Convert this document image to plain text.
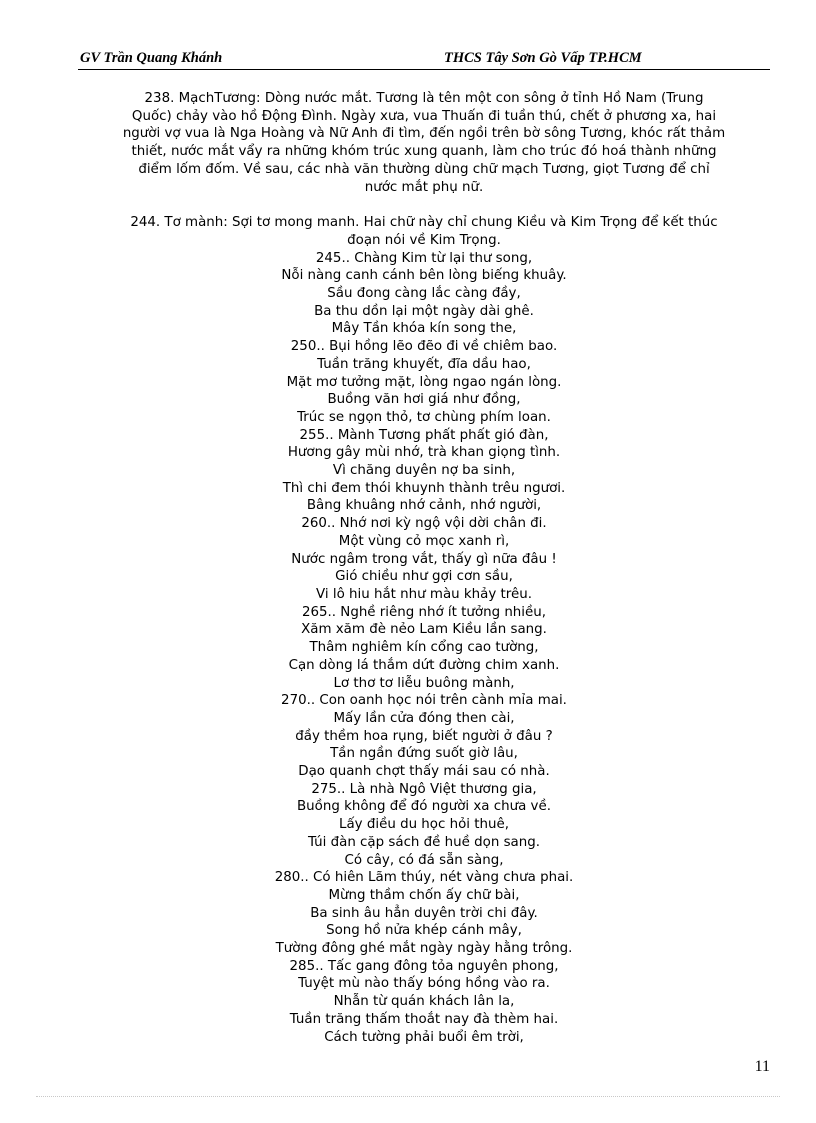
GV Trần Quang Khánh	THCS Tây Sơn Gò Vấp TP.HCM
238. MạchTương: Dòng nước mắt. Tương là tên một con sông ở tỉnh Hồ Nam (Trung
Quốc) chảy vào hồ Động Đình. Ngày xưa, vua Thuấn đi tuần thú, chết ở phương xa, hai
người vợ vua là Nga Hoàng và Nữ Anh đi tìm, đến ngồi trên bờ sông Tương, khóc rất thảm
thiết, nước mắt vẩy ra những khóm trúc xung quanh, làm cho trúc đó hoá thành những
điểm lốm đốm. Về sau, các nhà văn thường dùng chữ mạch Tương, giọt Tương để chỉ
nước mắt phụ nữ.
244. Tơ mành: Sợi tơ mong manh. Hai chữ này chỉ chung Kiều và Kim Trọng để kết thúc
đoạn nói về Kim Trọng.
245.. Chàng Kim từ lại thư song,
Nỗi nàng canh cánh bên lòng biếng khuây.
Sầu đong càng lắc càng đầy,
Ba thu dồn lại một ngày dài ghê.
Mây Tần khóa kín song the,
250.. Bụi hồng lẽo đẽo đi về chiêm bao.
Tuần trăng khuyết, đĩa dầu hao,
Mặt mơ tưởng mặt, lòng ngao ngán lòng.
Buồng văn hơi giá như đồng,
Trúc se ngọn thỏ, tơ chùng phím loan.
255.. Mành Tương phất phất gió đàn,
Hương gây mùi nhớ, trà khan giọng tình.
Vì chăng duyên nợ ba sinh,
Thì chi đem thói khuynh thành trêu ngươi.
Bâng khuâng nhớ cảnh, nhớ người,
260.. Nhớ nơi kỳ ngộ vội dời chân đi.
Một vùng cỏ mọc xanh rì,
Nước ngâm trong vắt, thấy gì nữa đâu !
Gió chiều như gợi cơn sầu,
Vi lô hiu hắt như màu khảy trêu.
265.. Nghề riêng nhớ ít tưởng nhiều,
Xăm xăm đè nẻo Lam Kiều lần sang.
Thâm nghiêm kín cổng cao tường,
Cạn dòng lá thắm dứt đường chim xanh.
Lơ thơ tơ liễu buông mành,
270.. Con oanh học nói trên cành mỉa mai.
Mấy lần cửa đóng then cài,
đầy thềm hoa rụng, biết người ở đâu ?
Tần ngần đứng suốt giờ lâu,
Dạo quanh chợt thấy mái sau có nhà.
275.. Là nhà Ngô Việt thương gia,
Buồng không để đó người xa chưa về.
Lấy điều du học hỏi thuê,
Túi đàn cặp sách đề huề dọn sang.
Có cây, có đá sẵn sàng,
280.. Có hiên Lãm thúy, nét vàng chưa phai.
Mừng thầm chốn ấy chữ bài,
Ba sinh âu hẳn duyên trời chi đây.
Song hồ nửa khép cánh mây,
Tường đông ghé mắt ngày ngày hằng trông.
285.. Tấc gang đông tỏa nguyên phong,
Tuyệt mù nào thấy bóng hồng vào ra.
Nhẫn từ quán khách lân la,
Tuần trăng thấm thoắt nay đà thèm hai.
Cách tường phải buổi êm trời,
11
